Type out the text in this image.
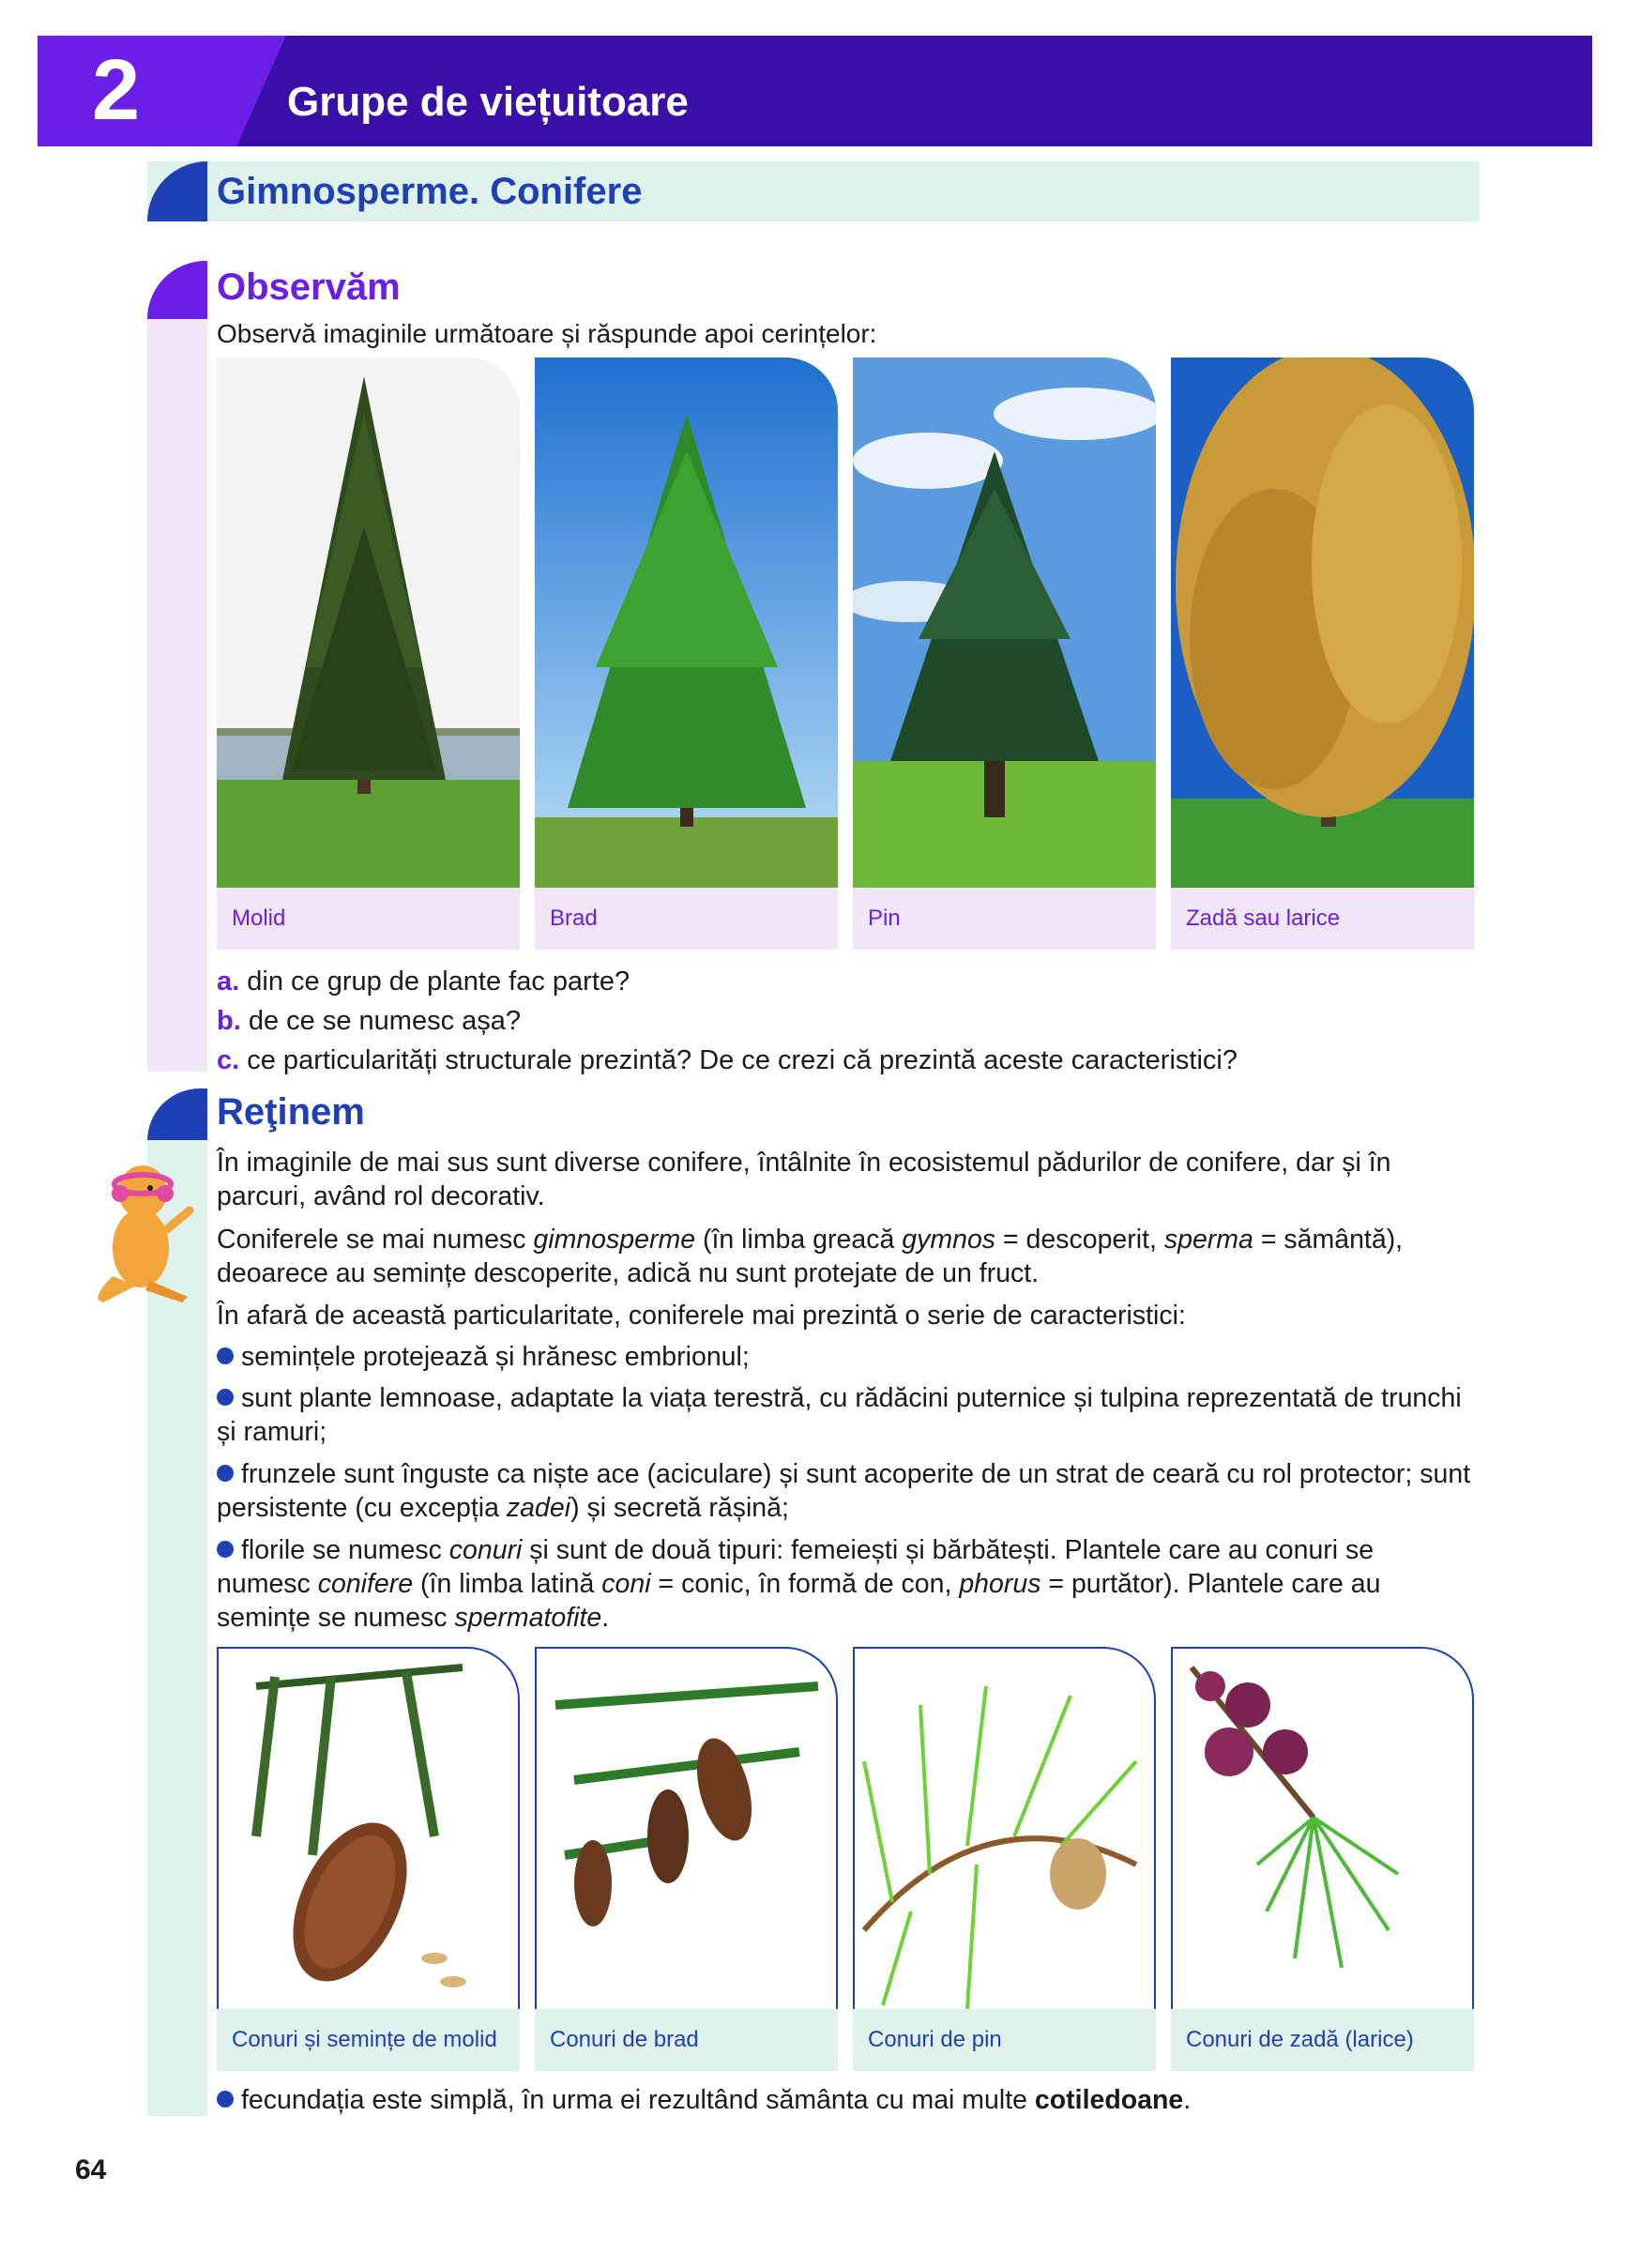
2	Grupe de viețuitoare
Gimnosperme. Conifere
Observăm
Observă imaginile următoare și răspunde apoi cerințelor:
Molid	Brad	Pin	Zadă sau larice
a. din ce grup de plante fac parte?
b. de ce se numesc așa?
c. ce particularități structurale prezintă? De ce crezi că prezintă aceste caracteristici?
Reţinem
În imaginile de mai sus sunt diverse conifere, întâlnite în ecosistemul pădurilor de conifere, dar și în parcuri, având rol decorativ.
Coniferele se mai numesc gimnosperme (în limba greacă gymnos = descoperit, sperma = sământă), deoarece au semințe descoperite, adică nu sunt protejate de un fruct.
În afară de această particularitate, coniferele mai prezintă o serie de caracteristici:
semințele protejează și hrănesc embrionul;
sunt plante lemnoase, adaptate la viața terestră, cu rădăcini puternice și tulpina reprezentată de trunchi și ramuri;
frunzele sunt înguste ca niște ace (aciculare) și sunt acoperite de un strat de ceară cu rol protector; sunt persistente (cu excepția zadei) și secretă rășină;
florile se numesc conuri și sunt de două tipuri: femeiești și bărbătești. Plantele care au conuri se numesc conifere (în limba latină coni = conic, în formă de con, phorus = purtător). Plantele care au semințe se numesc spermatofite.
Conuri și semințe de molid	Conuri de brad	Conuri de pin	Conuri de zadă (larice)
fecundația este simplă, în urma ei rezultând sământa cu mai multe cotiledoane.
64
